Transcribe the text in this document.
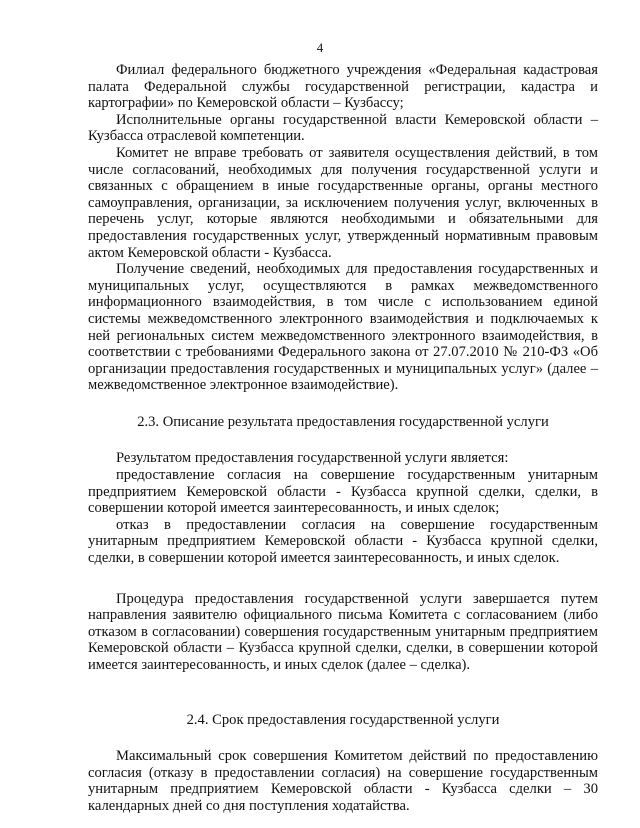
4

Филиал федерального бюджетного учреждения «Федеральная кадастровая палата Федеральной службы государственной регистрации, кадастра и картографии» по Кемеровской области – Кузбассу;

Исполнительные органы государственной власти Кемеровской области – Кузбасса отраслевой компетенции.

Комитет не вправе требовать от заявителя осуществления действий, в том числе согласований, необходимых для получения государственной услуги и связанных с обращением в иные государственные органы, органы местного самоуправления, организации, за исключением получения услуг, включенных в перечень услуг, которые являются необходимыми и обязательными для предоставления государственных услуг, утвержденный нормативным правовым актом Кемеровской области - Кузбасса.

Получение сведений, необходимых для предоставления государственных и муниципальных услуг, осуществляются в рамках межведомственного информационного взаимодействия, в том числе с использованием единой системы межведомственного электронного взаимодействия и подключаемых к ней региональных систем межведомственного электронного взаимодействия, в соответствии с требованиями Федерального закона от 27.07.2010 № 210-ФЗ «Об организации предоставления государственных и муниципальных услуг» (далее – межведомственное электронное взаимодействие).

2.3. Описание результата предоставления государственной услуги

Результатом предоставления государственной услуги является:

предоставление согласия на совершение государственным унитарным предприятием Кемеровской области - Кузбасса крупной сделки, сделки, в совершении которой имеется заинтересованность, и иных сделок;

отказ в предоставлении согласия на совершение государственным унитарным предприятием Кемеровской области - Кузбасса крупной сделки, сделки, в совершении которой имеется заинтересованность, и иных сделок.

Процедура предоставления государственной услуги завершается путем направления заявителю официального письма Комитета с согласованием (либо отказом в согласовании) совершения государственным унитарным предприятием Кемеровской области – Кузбасса крупной сделки, сделки, в совершении которой имеется заинтересованность, и иных сделок (далее – сделка).

2.4. Срок предоставления государственной услуги

Максимальный срок совершения Комитетом действий по предоставлению согласия (отказу в предоставлении согласия) на совершение государственным унитарным предприятием Кемеровской области - Кузбасса сделки – 30 календарных дней со дня поступления ходатайства.
